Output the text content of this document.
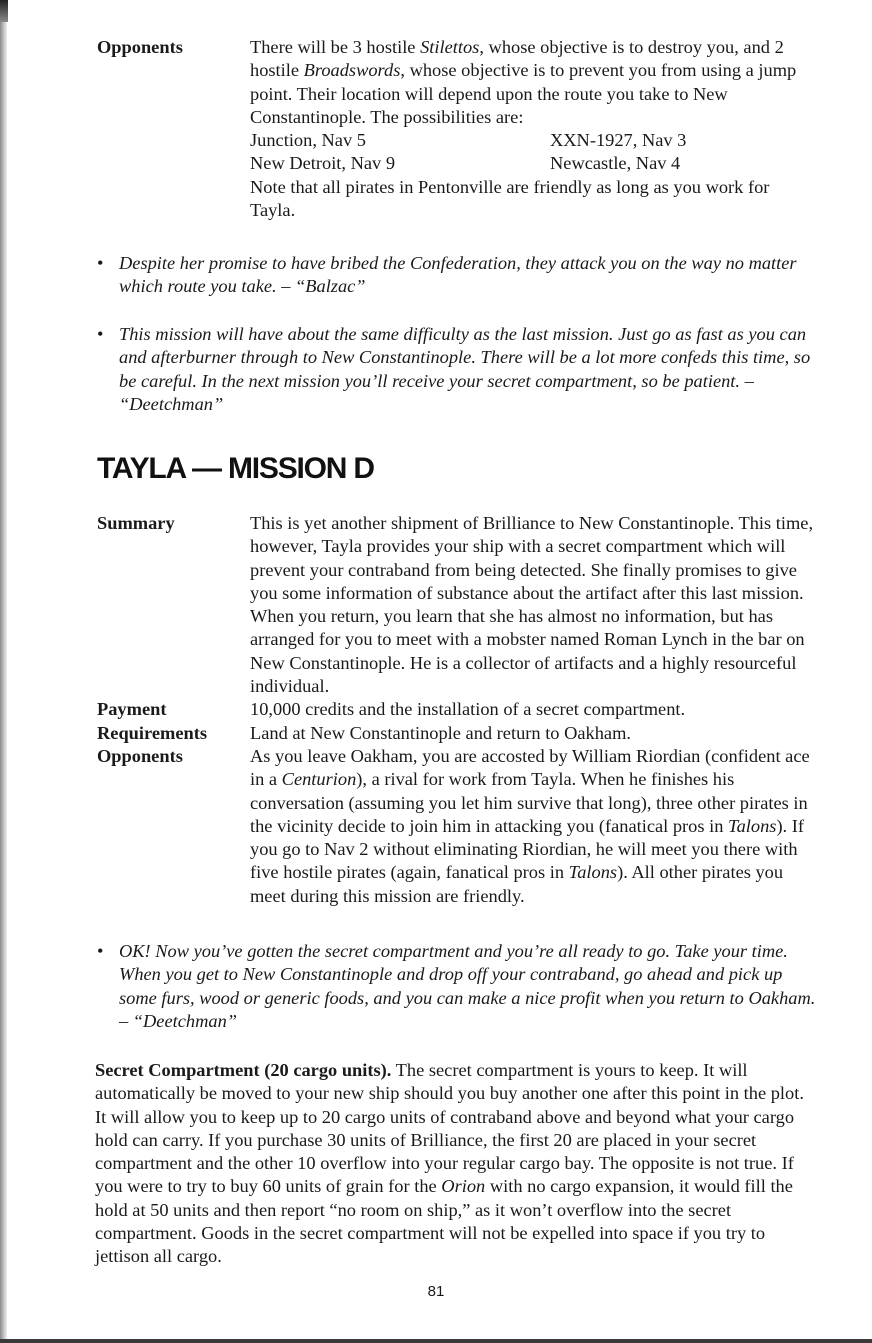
Opponents	There will be 3 hostile Stilettos, whose objective is to destroy you, and 2 hostile Broadswords, whose objective is to prevent you from using a jump point. Their location will depend upon the route you take to New Constantinople. The possibilities are:
Junction, Nav 5	XXN-1927, Nav 3
New Detroit, Nav 9	Newcastle, Nav 4
Note that all pirates in Pentonville are friendly as long as you work for Tayla.
• Despite her promise to have bribed the Confederation, they attack you on the way no matter which route you take. – “Balzac”
• This mission will have about the same difficulty as the last mission. Just go as fast as you can and afterburner through to New Constantinople. There will be a lot more confeds this time, so be careful. In the next mission you’ll receive your secret compartment, so be patient. – “Deetchman”
TAYLA — MISSION D
Summary	This is yet another shipment of Brilliance to New Constantinople. This time, however, Tayla provides your ship with a secret compartment which will prevent your contraband from being detected. She finally promises to give you some information of substance about the artifact after this last mission. When you return, you learn that she has almost no information, but has arranged for you to meet with a mobster named Roman Lynch in the bar on New Constantinople. He is a collector of artifacts and a highly resourceful individual.
Payment	10,000 credits and the installation of a secret compartment.
Requirements	Land at New Constantinople and return to Oakham.
Opponents	As you leave Oakham, you are accosted by William Riordian (confident ace in a Centurion), a rival for work from Tayla. When he finishes his conversation (assuming you let him survive that long), three other pirates in the vicinity decide to join him in attacking you (fanatical pros in Talons). If you go to Nav 2 without eliminating Riordian, he will meet you there with five hostile pirates (again, fanatical pros in Talons). All other pirates you meet during this mission are friendly.
• OK! Now you’ve gotten the secret compartment and you’re all ready to go. Take your time. When you get to New Constantinople and drop off your contraband, go ahead and pick up some furs, wood or generic foods, and you can make a nice profit when you return to Oakham. – “Deetchman”
Secret Compartment (20 cargo units). The secret compartment is yours to keep. It will automatically be moved to your new ship should you buy another one after this point in the plot. It will allow you to keep up to 20 cargo units of contraband above and beyond what your cargo hold can carry. If you purchase 30 units of Brilliance, the first 20 are placed in your secret compartment and the other 10 overflow into your regular cargo bay. The opposite is not true. If you were to try to buy 60 units of grain for the Orion with no cargo expansion, it would fill the hold at 50 units and then report “no room on ship,” as it won’t overflow into the secret compartment. Goods in the secret compartment will not be expelled into space if you try to jettison all cargo.
81
